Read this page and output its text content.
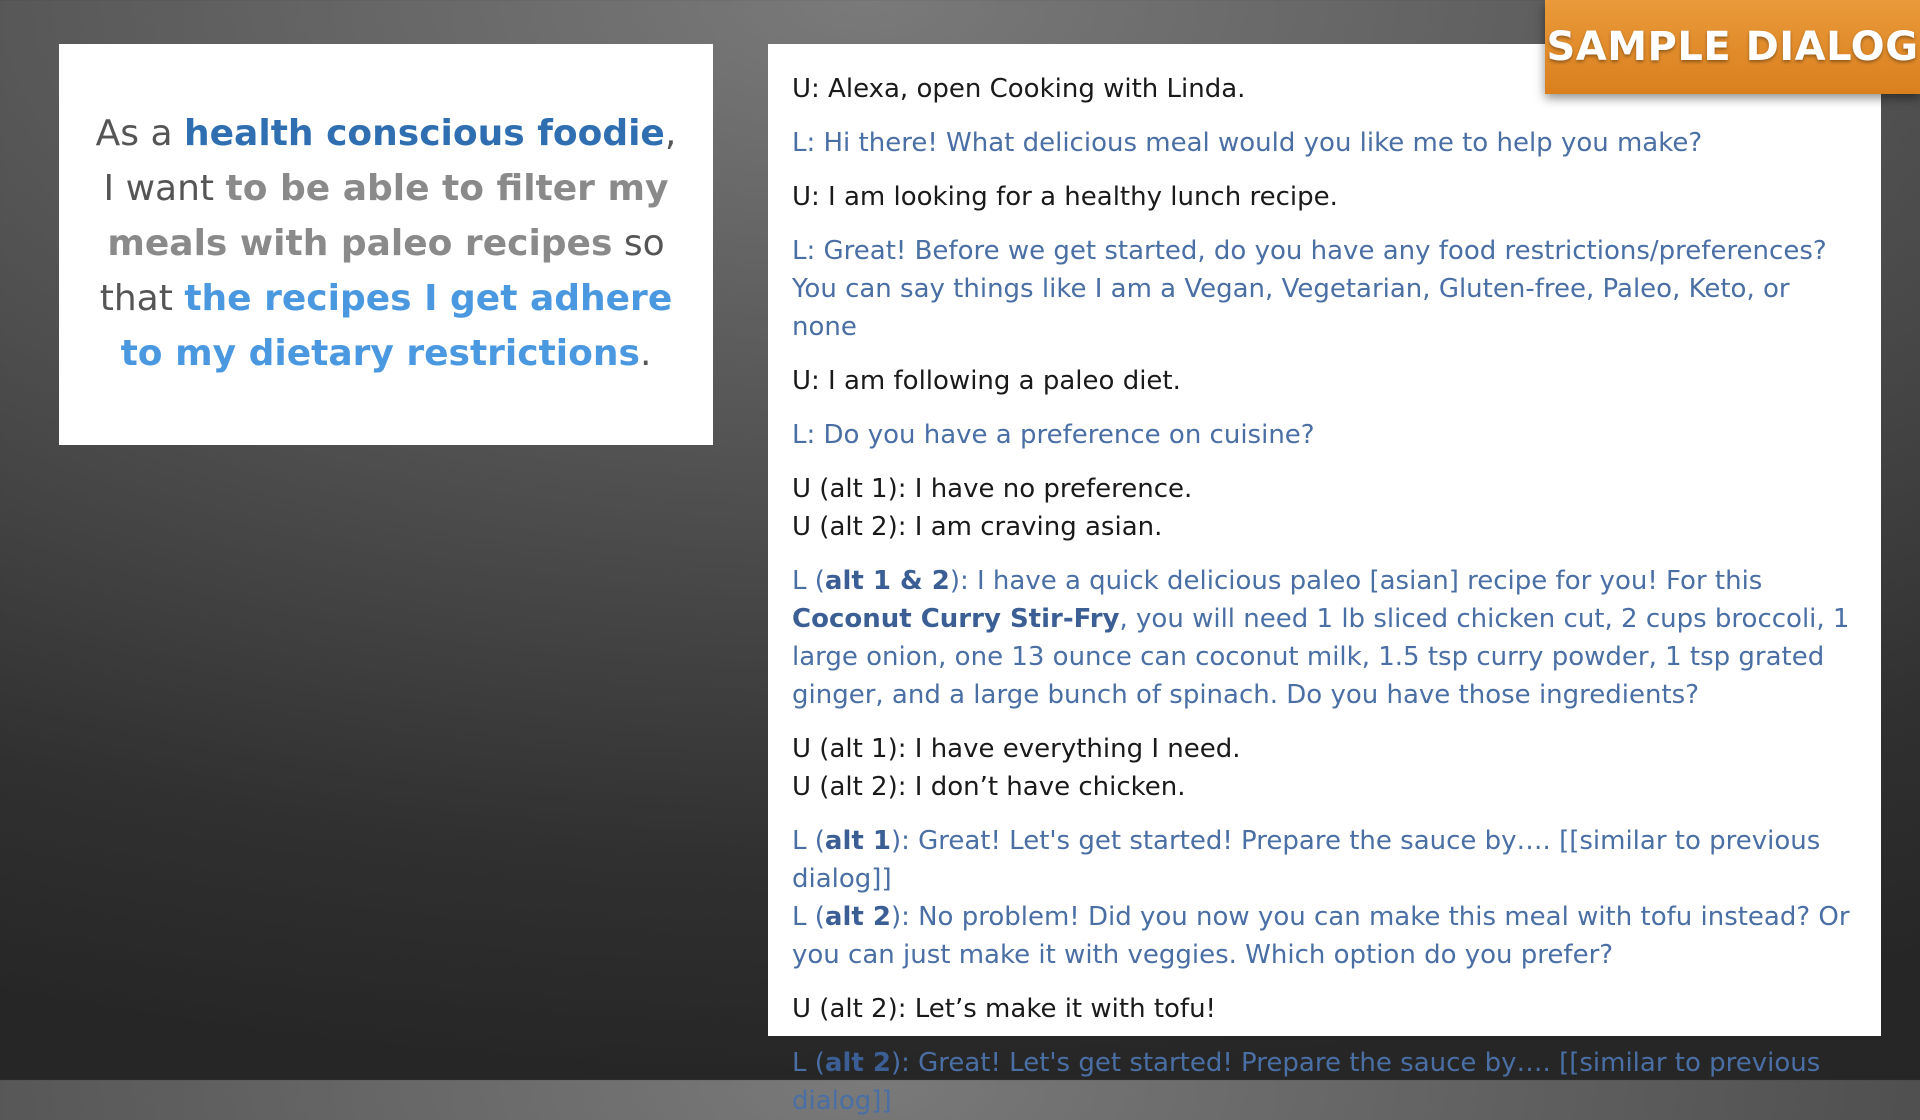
SAMPLE DIALOG

As a health conscious foodie, I want to be able to filter my meals with paleo recipes so that the recipes I get adhere to my dietary restrictions.

U: Alexa, open Cooking with Linda.
L: Hi there! What delicious meal would you like me to help you make?
U: I am looking for a healthy lunch recipe.
L: Great! Before we get started, do you have any food restrictions/preferences? You can say things like I am a Vegan, Vegetarian, Gluten-free, Paleo, Keto, or none
U: I am following a paleo diet.
L: Do you have a preference on cuisine?
U (alt 1): I have no preference.
U (alt 2): I am craving asian.
L (alt 1 & 2): I have a quick delicious paleo [asian] recipe for you! For this Coconut Curry Stir-Fry, you will need 1 lb sliced chicken cut, 2 cups broccoli, 1 large onion, one 13 ounce can coconut milk, 1.5 tsp curry powder, 1 tsp grated ginger, and a large bunch of spinach. Do you have those ingredients?
U (alt 1): I have everything I need.
U (alt 2): I don’t have chicken.
L (alt 1): Great! Let's get started! Prepare the sauce by…. [[similar to previous dialog]]
L (alt 2): No problem! Did you now you can make this meal with tofu instead? Or you can just make it with veggies. Which option do you prefer?
U (alt 2): Let’s make it with tofu!
L (alt 2): Great! Let's get started! Prepare the sauce by…. [[similar to previous dialog]]
